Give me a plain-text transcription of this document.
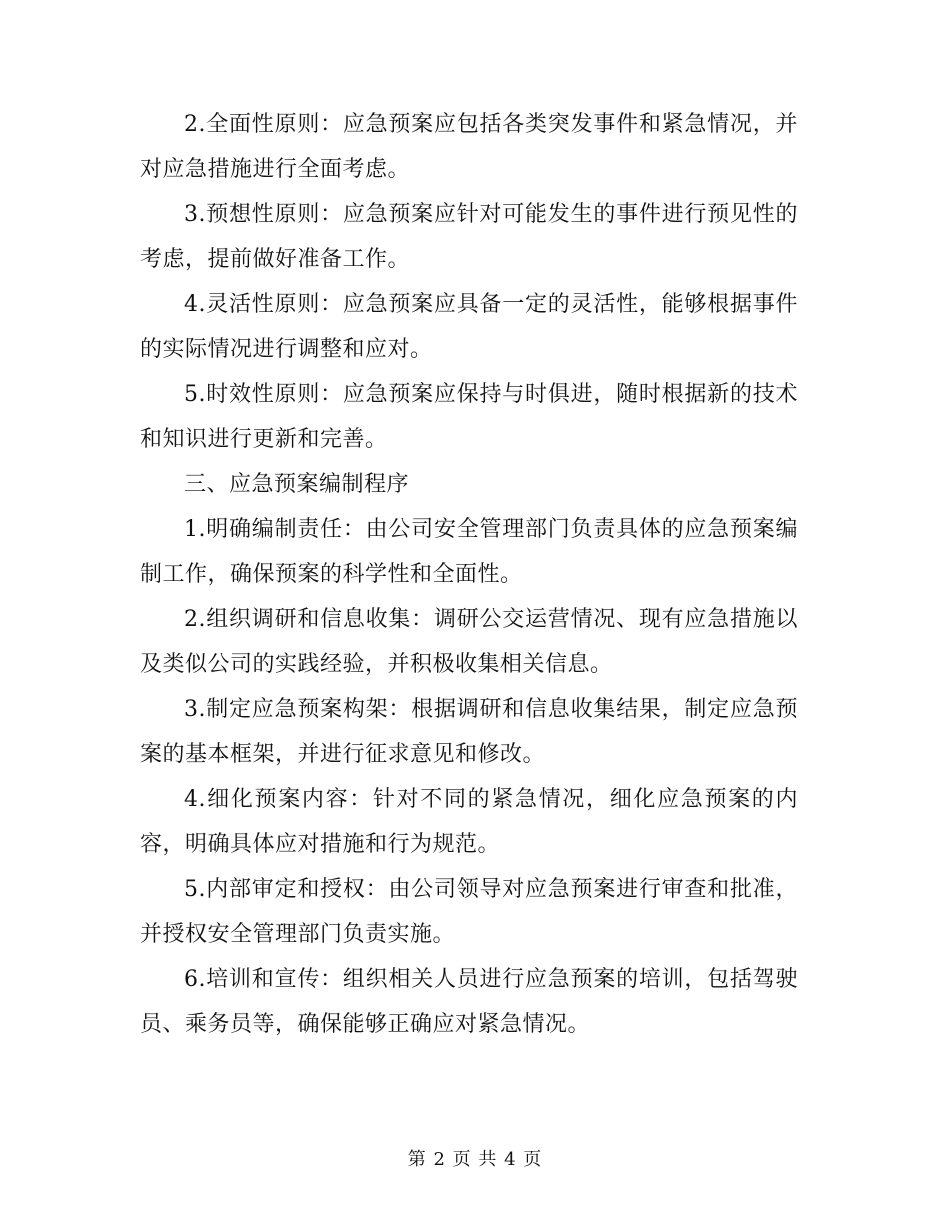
2.全面性原则：应急预案应包括各类突发事件和紧急情况，并对应急措施进行全面考虑。

3.预想性原则：应急预案应针对可能发生的事件进行预见性的考虑，提前做好准备工作。

4.灵活性原则：应急预案应具备一定的灵活性，能够根据事件的实际情况进行调整和应对。

5.时效性原则：应急预案应保持与时俱进，随时根据新的技术和知识进行更新和完善。

三、应急预案编制程序

1.明确编制责任：由公司安全管理部门负责具体的应急预案编制工作，确保预案的科学性和全面性。

2.组织调研和信息收集：调研公交运营情况、现有应急措施以及类似公司的实践经验，并积极收集相关信息。

3.制定应急预案构架：根据调研和信息收集结果，制定应急预案的基本框架，并进行征求意见和修改。

4.细化预案内容：针对不同的紧急情况，细化应急预案的内容，明确具体应对措施和行为规范。

5.内部审定和授权：由公司领导对应急预案进行审查和批准，并授权安全管理部门负责实施。

6.培训和宣传：组织相关人员进行应急预案的培训，包括驾驶员、乘务员等，确保能够正确应对紧急情况。

第 2 页 共 4 页
